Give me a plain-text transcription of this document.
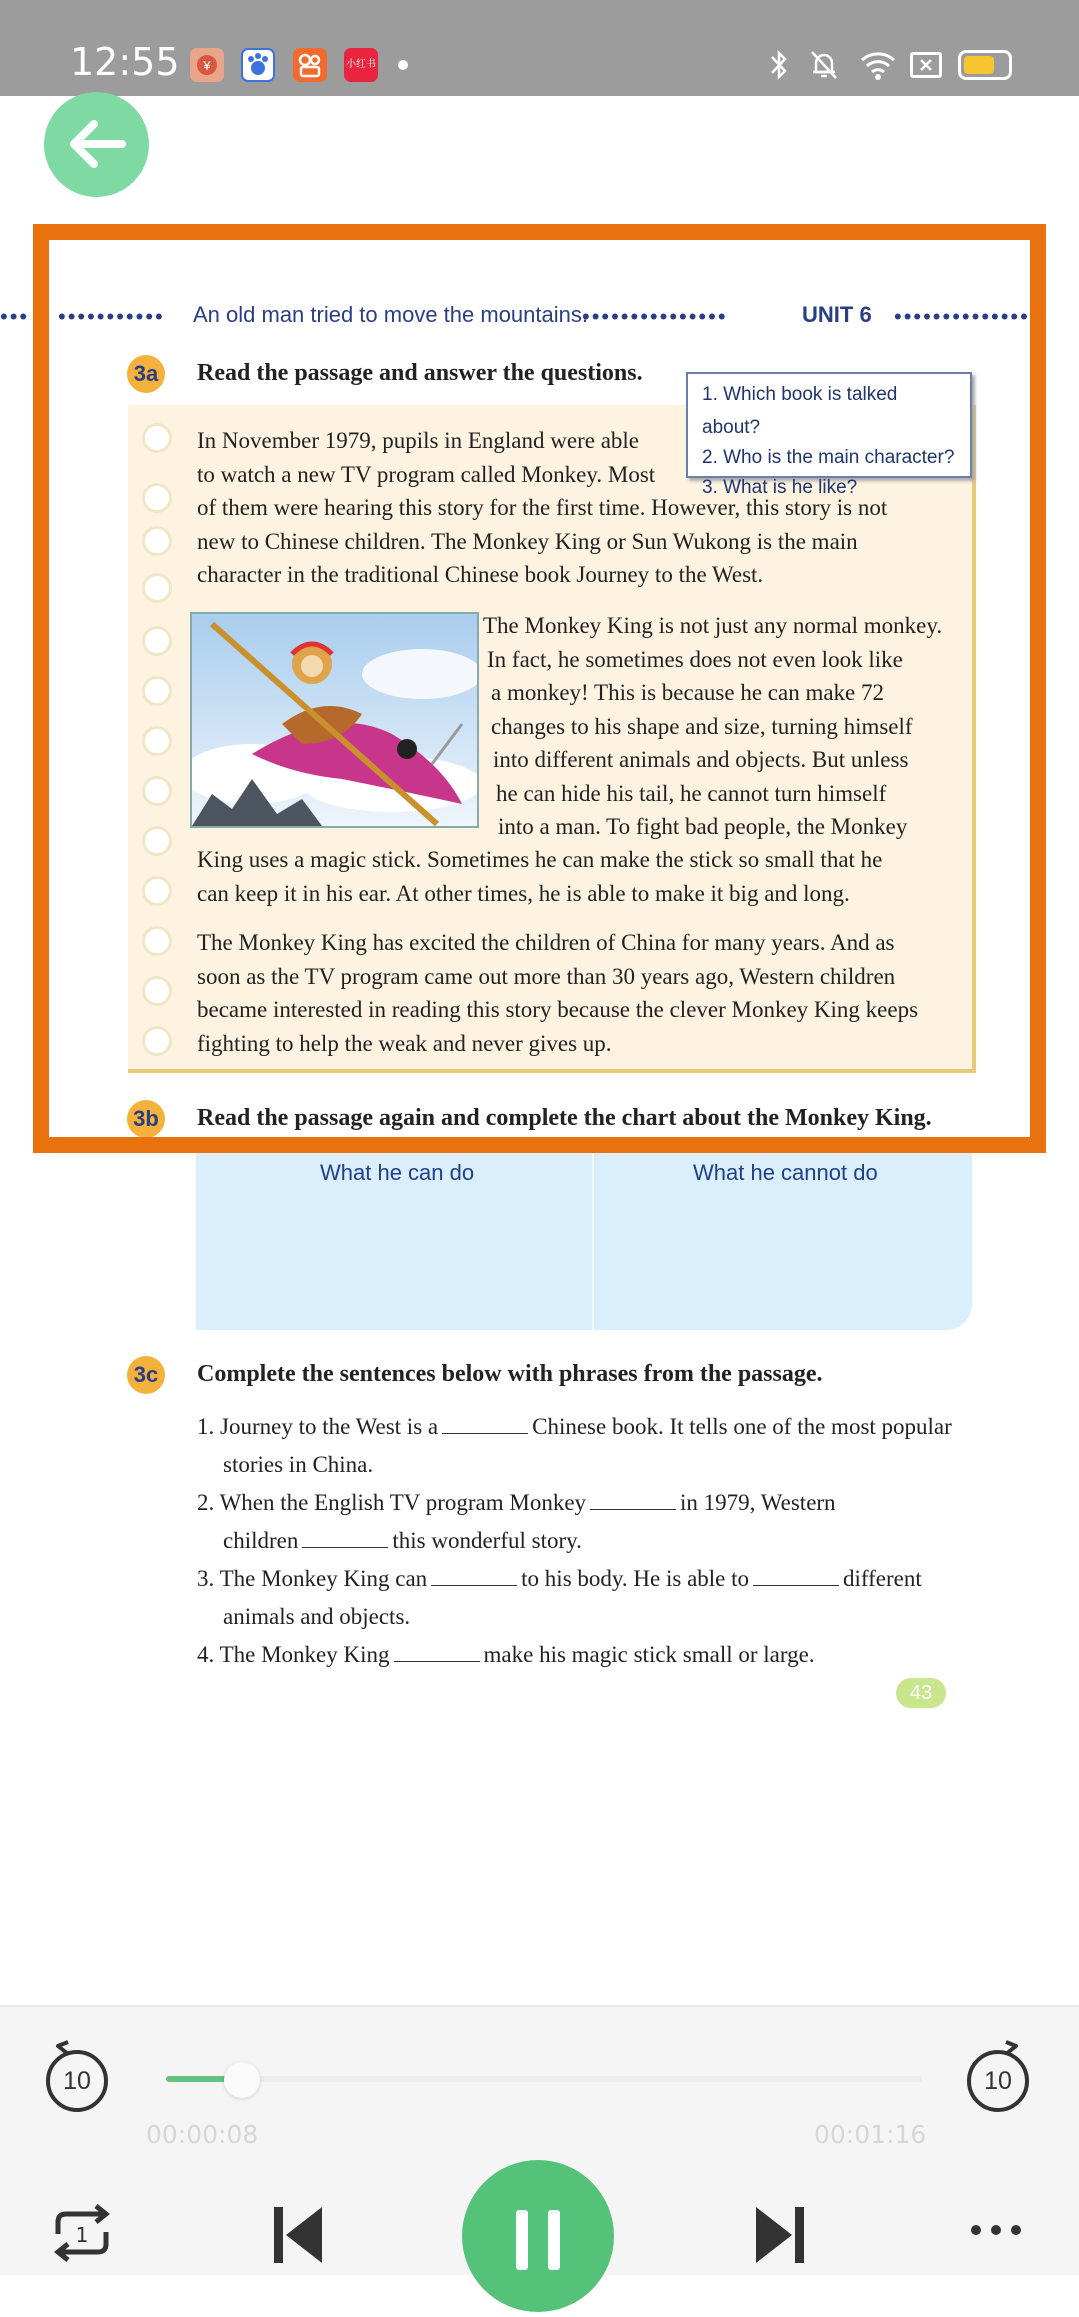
12:55 ¥	小红书
••• ••••••••••• An old man tried to move the mountains.
•••••••••••••••	UNIT 6 ••••••••••••••
3a Read the passage and answer the questions.
In November 1979, pupils in England were able
to watch a new TV program called Monkey. Most
of them were hearing this story for the first time. However, this story is not
new to Chinese children. The Monkey King or Sun Wukong is the main
character in the traditional Chinese book Journey to the West.
1. Which book is talked about?
2. Who is the main character?
3. What is he like?
The Monkey King is not just any normal monkey.
In fact, he sometimes does not even look like
a monkey! This is because he can make 72
changes to his shape and size, turning himself
into different animals and objects. But unless
he can hide his tail, he cannot turn himself
into a man. To fight bad people, the Monkey
King uses a magic stick. Sometimes he can make the stick so small that he
can keep it in his ear. At other times, he is able to make it big and long.
The Monkey King has excited the children of China for many years. And as
soon as the TV program came out more than 30 years ago, Western children
became interested in reading this story because the clever Monkey King keeps
fighting to help the weak and never gives up.
3b Read the passage again and complete the chart about the Monkey King.
What he can do	What he cannot do
3c Complete the sentences below with phrases from the passage.
1. Journey to the West is a	Chinese book. It tells one of the most popular
stories in China.
2. When the English TV program Monkey	in 1979, Western
children	this wonderful story.
3. The Monkey King can	to his body. He is able to	different
animals and objects.
4. The Monkey King	make his magic stick small or large.
43
10	10
00:00:08	00:01:16
1
